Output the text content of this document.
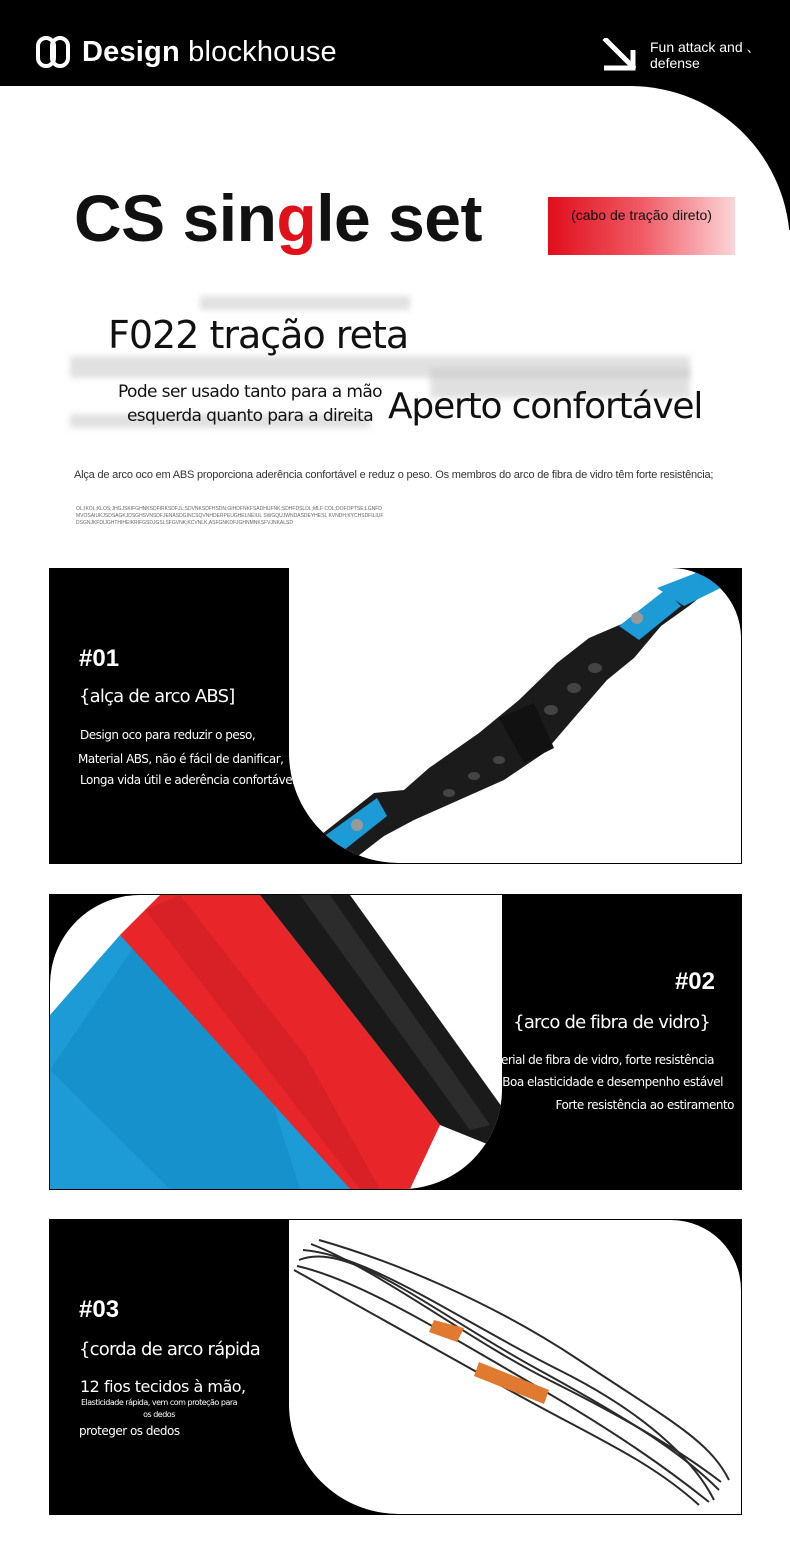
Design blockhouse	Fun attack and 、 defense
CS single set	(cabo de tração direto)
F022 tração reta
Pode ser usado tanto para a mão esquerda quanto para a direita Aperto confortável
Alça de arco oco em ABS proporciona aderência confortável e reduz o peso. Os membros do arco de fibra de vidro têm forte resistência;
OL;IKOL;KLOS;JHGJSKIFGHNKSDFIRKSDFJL;SDVNKSDFHSDN;GIHDFNKFSADHUFNK;SDHFDSLDL;MLF COL;DOFOPTSE;LGNFDMVOSAIUKJSDSAGKJDSGHSVNSDFJENASDGINCSQVNHDERPEUGHELNEIUL SWGQUJWNDASDEYHESL KVNDH;KYCHSDFILIUFDSGNJKFDIJGHTHIHEIKRIFGSDJGSLSFGVNK;KCVNLK,ASFGNKDFJGHNMNKSFVJNKALSD
#01
{alça de arco ABS]
Design oco para reduzir o peso,
Material ABS, não é fácil de danificar,
Longa vida útil e aderência confortável
#02
{arco de fibra de vidro}
Material de fibra de vidro, forte resistência
Boa elasticidade e desempenho estável
Forte resistência ao estiramento
#03
{corda de arco rápida
12 fios tecidos à mão,
Elasticidade rápida, vem com proteção para os dedos
proteger os dedos
